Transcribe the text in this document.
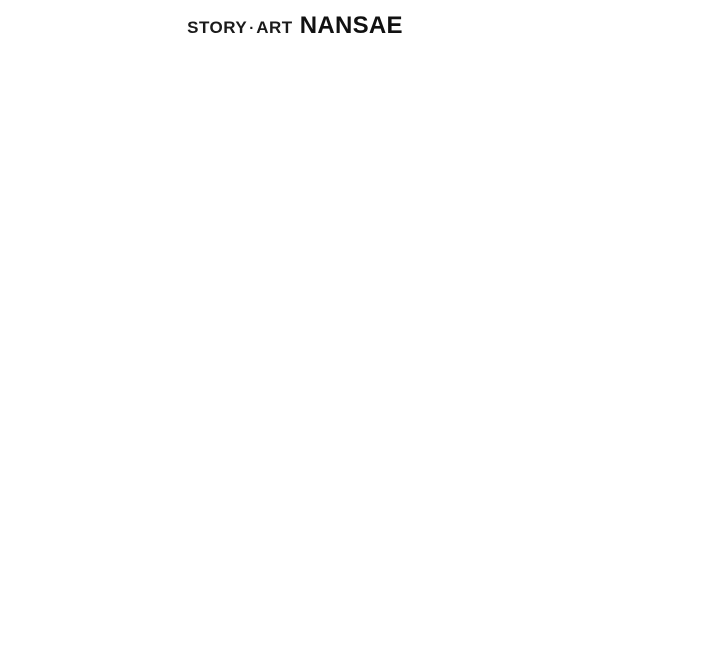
STORY · ART NANSAE
